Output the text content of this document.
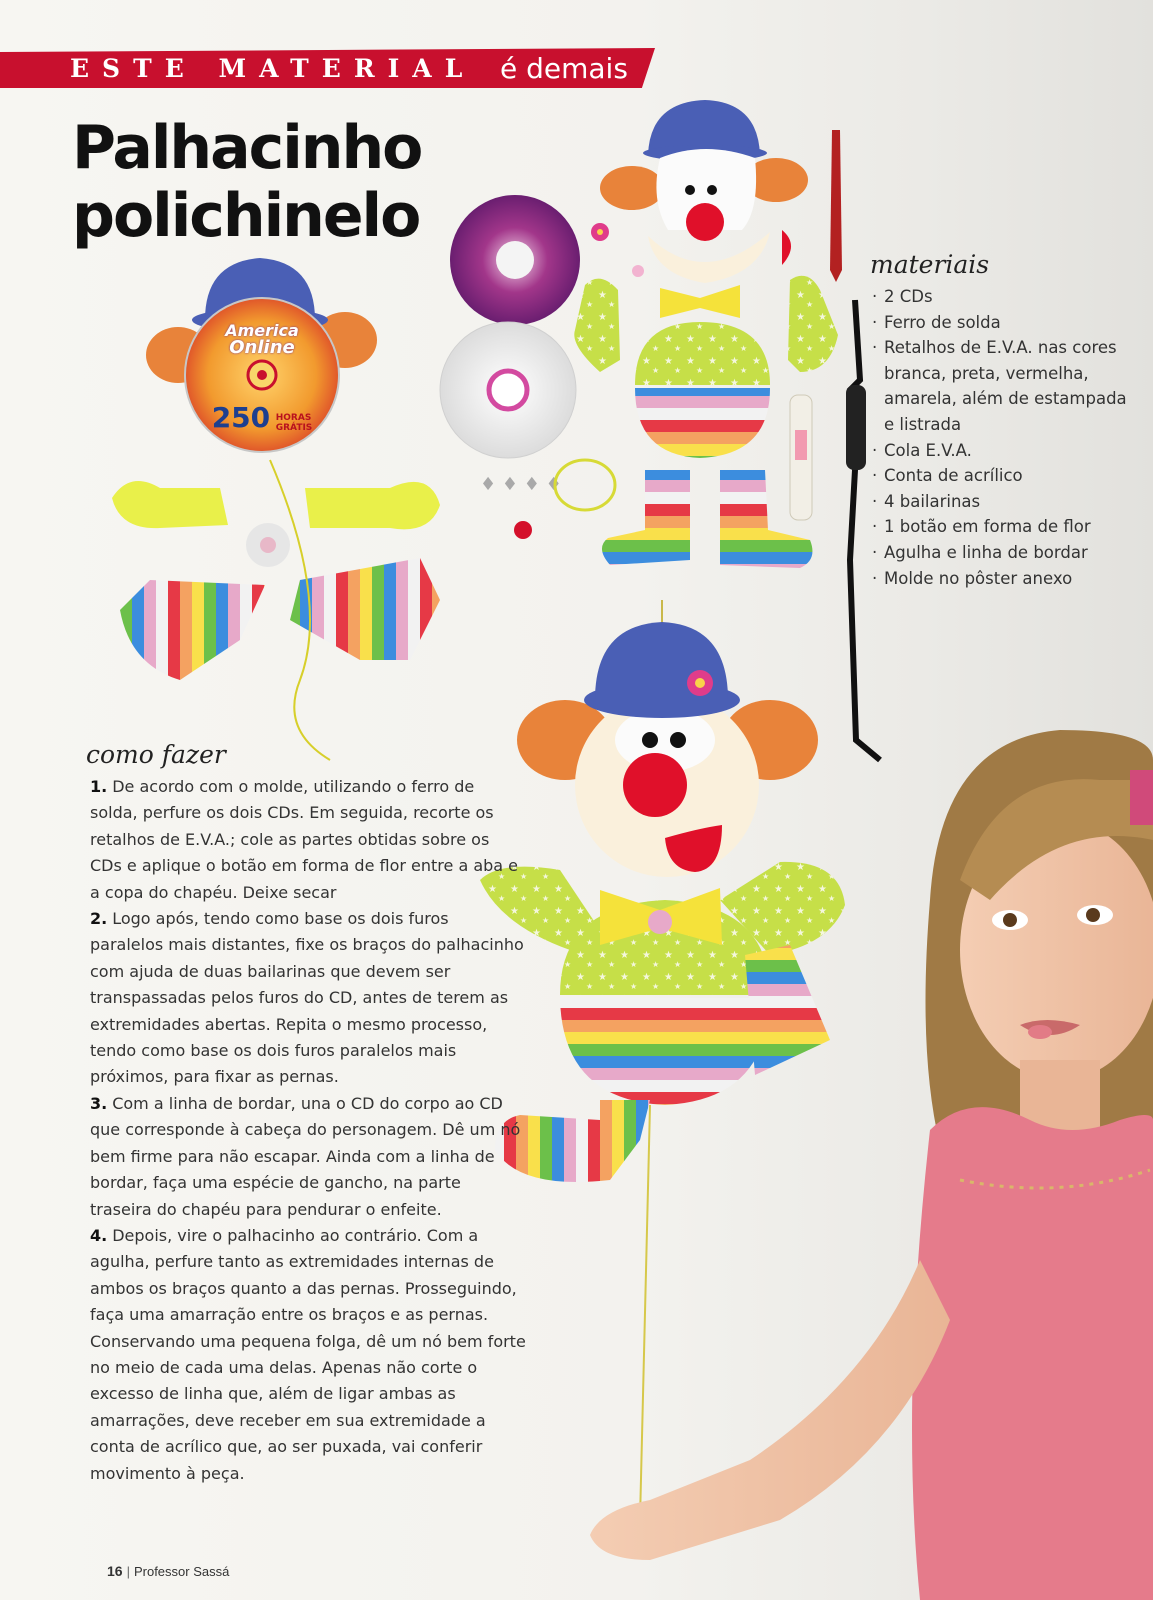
♦ ♦ ♦ ♦
ESTE MATERIAL é demais
Palhacinho
polichinelo
America
Online
250 HORAS
GRÁTIS
materiais
· 2 CDs
· Ferro de solda
· Retalhos de E.V.A. nas cores branca, preta, vermelha, amarela, além de estampada e listrada
· Cola E.V.A.
· Conta de acrílico
· 4 bailarinas
· 1 botão em forma de flor
· Agulha e linha de bordar
· Molde no pôster anexo
como fazer

1. De acordo com o molde, utilizando o ferro de solda, perfure os dois CDs. Em seguida, recorte os retalhos de E.V.A.; cole as partes obtidas sobre os CDs e aplique o botão em forma de flor entre a aba e a copa do chapéu. Deixe secar

2. Logo após, tendo como base os dois furos paralelos mais distantes, fixe os braços do palhacinho com ajuda de duas bailarinas que devem ser transpassadas pelos furos do CD, antes de terem as extremidades abertas. Repita o mesmo processo, tendo como base os dois furos paralelos mais próximos, para fixar as pernas.

3. Com a linha de bordar, una o CD do corpo ao CD que corresponde à cabeça do personagem. Dê um nó bem firme para não escapar. Ainda com a linha de bordar, faça uma espécie de gancho, na parte traseira do chapéu para pendurar o enfeite.

4. Depois, vire o palhacinho ao contrário. Com a agulha, perfure tanto as extremidades internas de ambos os braços quanto a das pernas. Prosseguindo, faça uma amarração entre os braços e as pernas. Conservando uma pequena folga, dê um nó bem forte no meio de cada uma delas. Apenas não corte o excesso de linha que, além de ligar ambas as amarrações, deve receber em sua extremidade a conta de acrílico que, ao ser puxada, vai conferir movimento à peça.

16 | Professor Sassá
